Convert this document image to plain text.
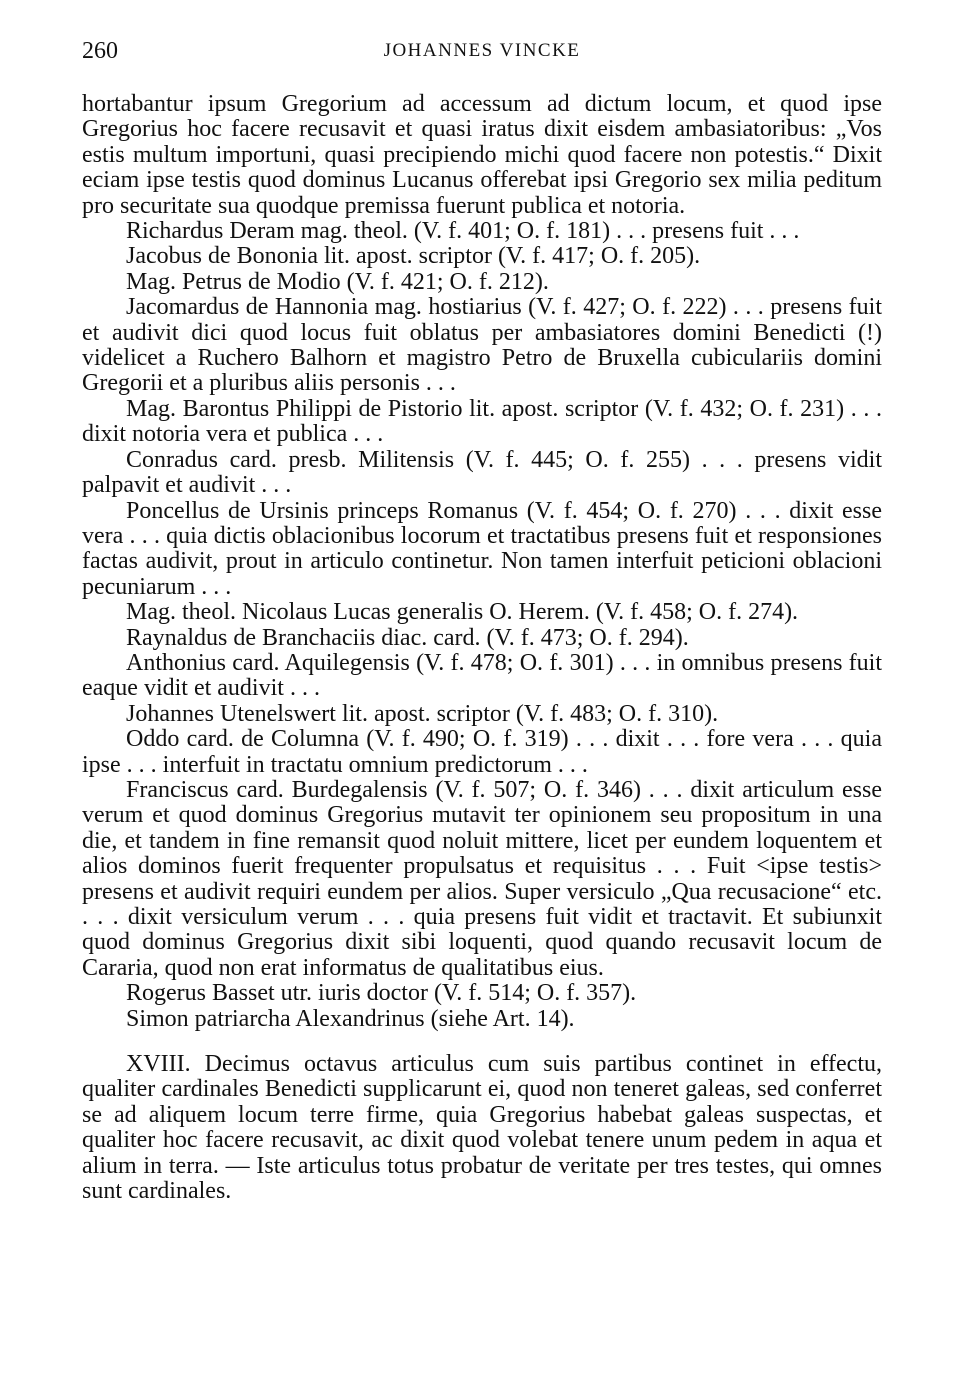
260	JOHANNES VINCKE

hortabantur ipsum Gregorium ad accessum ad dictum locum, et quod ipse Gregorius hoc facere recusavit et quasi iratus dixit eisdem ambasiatoribus: „Vos estis multum importuni, quasi precipiendo michi quod facere non potestis.“ Dixit eciam ipse testis quod dominus Lucanus offerebat ipsi Gregorio sex milia peditum pro securitate sua quodque premissa fuerunt publica et notoria.

Richardus Deram mag. theol. (V. f. 401; O. f. 181) . . . presens fuit . . .

Jacobus de Bononia lit. apost. scriptor (V. f. 417; O. f. 205).

Mag. Petrus de Modio (V. f. 421; O. f. 212).

Jacomardus de Hannonia mag. hostiarius (V. f. 427; O. f. 222) . . . presens fuit et audivit dici quod locus fuit oblatus per ambasiatores domini Benedicti (!) videlicet a Ruchero Balhorn et magistro Petro de Bruxella cubiculariis domini Gregorii et a pluribus aliis personis . . .

Mag. Barontus Philippi de Pistorio lit. apost. scriptor (V. f. 432; O. f. 231) . . . dixit notoria vera et publica . . .

Conradus card. presb. Militensis (V. f. 445; O. f. 255) . . . presens vidit palpavit et audivit . . .

Poncellus de Ursinis princeps Romanus (V. f. 454; O. f. 270) . . . dixit esse vera . . . quia dictis oblacionibus locorum et tractatibus presens fuit et responsiones factas audivit, prout in articulo continetur. Non tamen interfuit peticioni oblacioni pecuniarum . . .

Mag. theol. Nicolaus Lucas generalis O. Herem. (V. f. 458; O. f. 274).

Raynaldus de Branchaciis diac. card. (V. f. 473; O. f. 294).

Anthonius card. Aquilegensis (V. f. 478; O. f. 301) . . . in omnibus presens fuit eaque vidit et audivit . . .

Johannes Utenelswert lit. apost. scriptor (V. f. 483; O. f. 310).

Oddo card. de Columna (V. f. 490; O. f. 319) . . . dixit . . . fore vera . . . quia ipse . . . interfuit in tractatu omnium predictorum . . .

Franciscus card. Burdegalensis (V. f. 507; O. f. 346) . . . dixit articulum esse verum et quod dominus Gregorius mutavit ter opinionem seu propositum in una die, et tandem in fine remansit quod noluit mittere, licet per eundem loquentem et alios dominos fuerit frequenter propulsatus et requisitus . . . Fuit <ipse testis> presens et audivit requiri eundem per alios. Super versiculo „Qua recusacione“ etc. . . . dixit versiculum verum . . . quia presens fuit vidit et tractavit. Et subiunxit quod dominus Gregorius dixit sibi loquenti, quod quando recusavit locum de Cararia, quod non erat informatus de qualitatibus eius.

Rogerus Basset utr. iuris doctor (V. f. 514; O. f. 357).

Simon patriarcha Alexandrinus (siehe Art. 14).

XVIII. Decimus octavus articulus cum suis partibus continet in effectu, qualiter cardinales Benedicti supplicarunt ei, quod non teneret galeas, sed conferret se ad aliquem locum terre firme, quia Gregorius habebat galeas suspectas, et qualiter hoc facere recusavit, ac dixit quod volebat tenere unum pedem in aqua et alium in terra. — Iste articulus totus probatur de veritate per tres testes, qui omnes sunt cardinales.
